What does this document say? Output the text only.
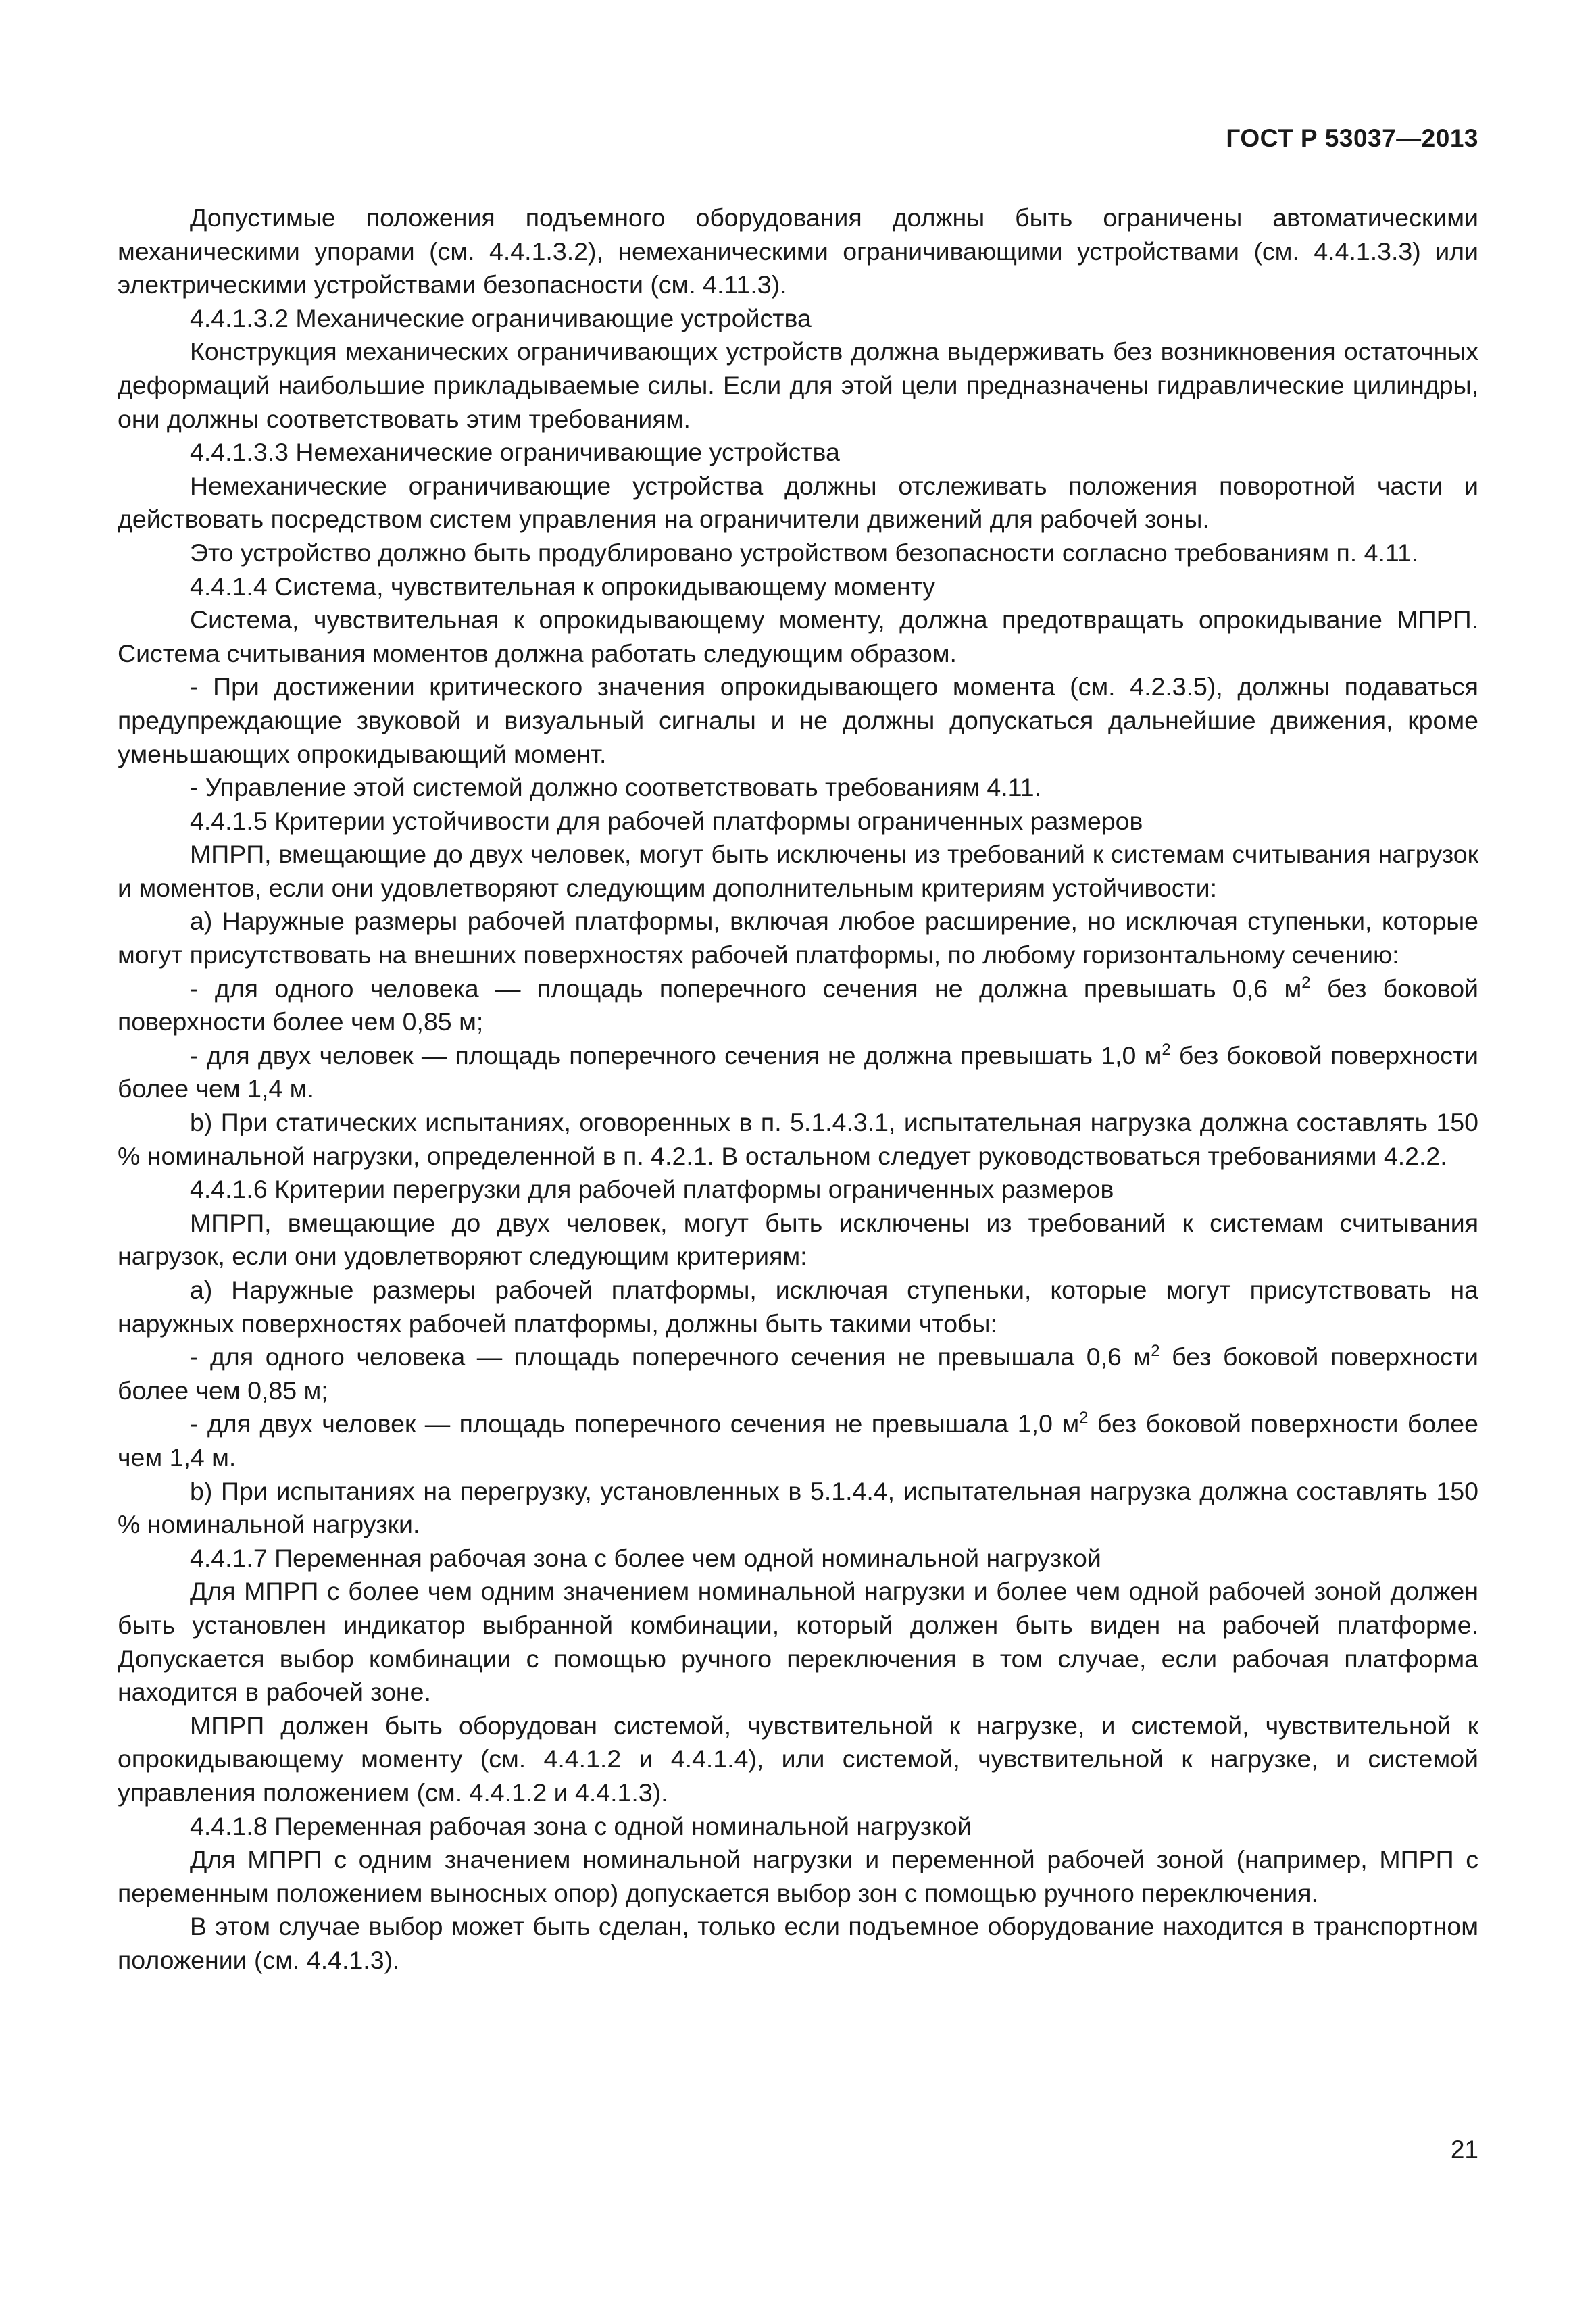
ГОСТ Р 53037—2013

Допустимые положения подъемного оборудования должны быть ограничены автоматическими механическими упорами (см. 4.4.1.3.2), немеханическими ограничивающими устройствами (см. 4.4.1.3.3) или электрическими устройствами безопасности (см. 4.11.3).

4.4.1.3.2 Механические ограничивающие устройства

Конструкция механических ограничивающих устройств должна выдерживать без возникновения остаточных деформаций наибольшие прикладываемые силы. Если для этой цели предназначены гидравлические цилиндры, они должны соответствовать этим требованиям.

4.4.1.3.3 Немеханические ограничивающие устройства

Немеханические ограничивающие устройства должны отслеживать положения поворотной части и действовать посредством систем управления на ограничители движений для рабочей зоны.

Это устройство должно быть продублировано устройством безопасности согласно требованиям п. 4.11.

4.4.1.4 Система, чувствительная к опрокидывающему моменту

Система, чувствительная к опрокидывающему моменту, должна предотвращать опрокидывание МПРП. Система считывания моментов должна работать следующим образом.

- При достижении критического значения опрокидывающего момента (см. 4.2.3.5), должны подаваться предупреждающие звуковой и визуальный сигналы и не должны допускаться дальнейшие движения, кроме уменьшающих опрокидывающий момент.

- Управление этой системой должно соответствовать требованиям 4.11.

4.4.1.5 Критерии устойчивости для рабочей платформы ограниченных размеров

МПРП, вмещающие до двух человек, могут быть исключены из требований к системам считывания нагрузок и моментов, если они удовлетворяют следующим дополнительным критериям устойчивости:

а) Наружные размеры рабочей платформы, включая любое расширение, но исключая ступеньки, которые могут присутствовать на внешних поверхностях рабочей платформы, по любому горизонтальному сечению:

- для одного человека — площадь поперечного сечения не должна превышать 0,6 $м^2$ без боковой поверхности более чем 0,85 м;

- для двух человек — площадь поперечного сечения не должна превышать 1,0 $м^2$ без боковой поверхности более чем 1,4 м.

b) При статических испытаниях, оговоренных в п. 5.1.4.3.1, испытательная нагрузка должна составлять 150 % номинальной нагрузки, определенной в п. 4.2.1. В остальном следует руководствоваться требованиями 4.2.2.

4.4.1.6 Критерии перегрузки для рабочей платформы ограниченных размеров

МПРП, вмещающие до двух человек, могут быть исключены из требований к системам считывания нагрузок, если они удовлетворяют следующим критериям:

а) Наружные размеры рабочей платформы, исключая ступеньки, которые могут присутствовать на наружных поверхностях рабочей платформы, должны быть такими чтобы:

- для одного человека — площадь поперечного сечения не превышала 0,6 $м^2$ без боковой поверхности более чем 0,85 м;

- для двух человек — площадь поперечного сечения не превышала 1,0 $м^2$ без боковой поверхности более чем 1,4 м.

b) При испытаниях на перегрузку, установленных в 5.1.4.4, испытательная нагрузка должна составлять 150 % номинальной нагрузки.

4.4.1.7 Переменная рабочая зона с более чем одной номинальной нагрузкой

Для МПРП с более чем одним значением номинальной нагрузки и более чем одной рабочей зоной должен быть установлен индикатор выбранной комбинации, который должен быть виден на рабочей платформе. Допускается выбор комбинации с помощью ручного переключения в том случае, если рабочая платформа находится в рабочей зоне.

МПРП должен быть оборудован системой, чувствительной к нагрузке, и системой, чувствительной к опрокидывающему моменту (см. 4.4.1.2 и 4.4.1.4), или системой, чувствительной к нагрузке, и системой управления положением (см. 4.4.1.2 и 4.4.1.3).

4.4.1.8 Переменная рабочая зона с одной номинальной нагрузкой

Для МПРП с одним значением номинальной нагрузки и переменной рабочей зоной (например, МПРП с переменным положением выносных опор) допускается выбор зон с помощью ручного переключения.

В этом случае выбор может быть сделан, только если подъемное оборудование находится в транспортном положении (см. 4.4.1.3).

21
